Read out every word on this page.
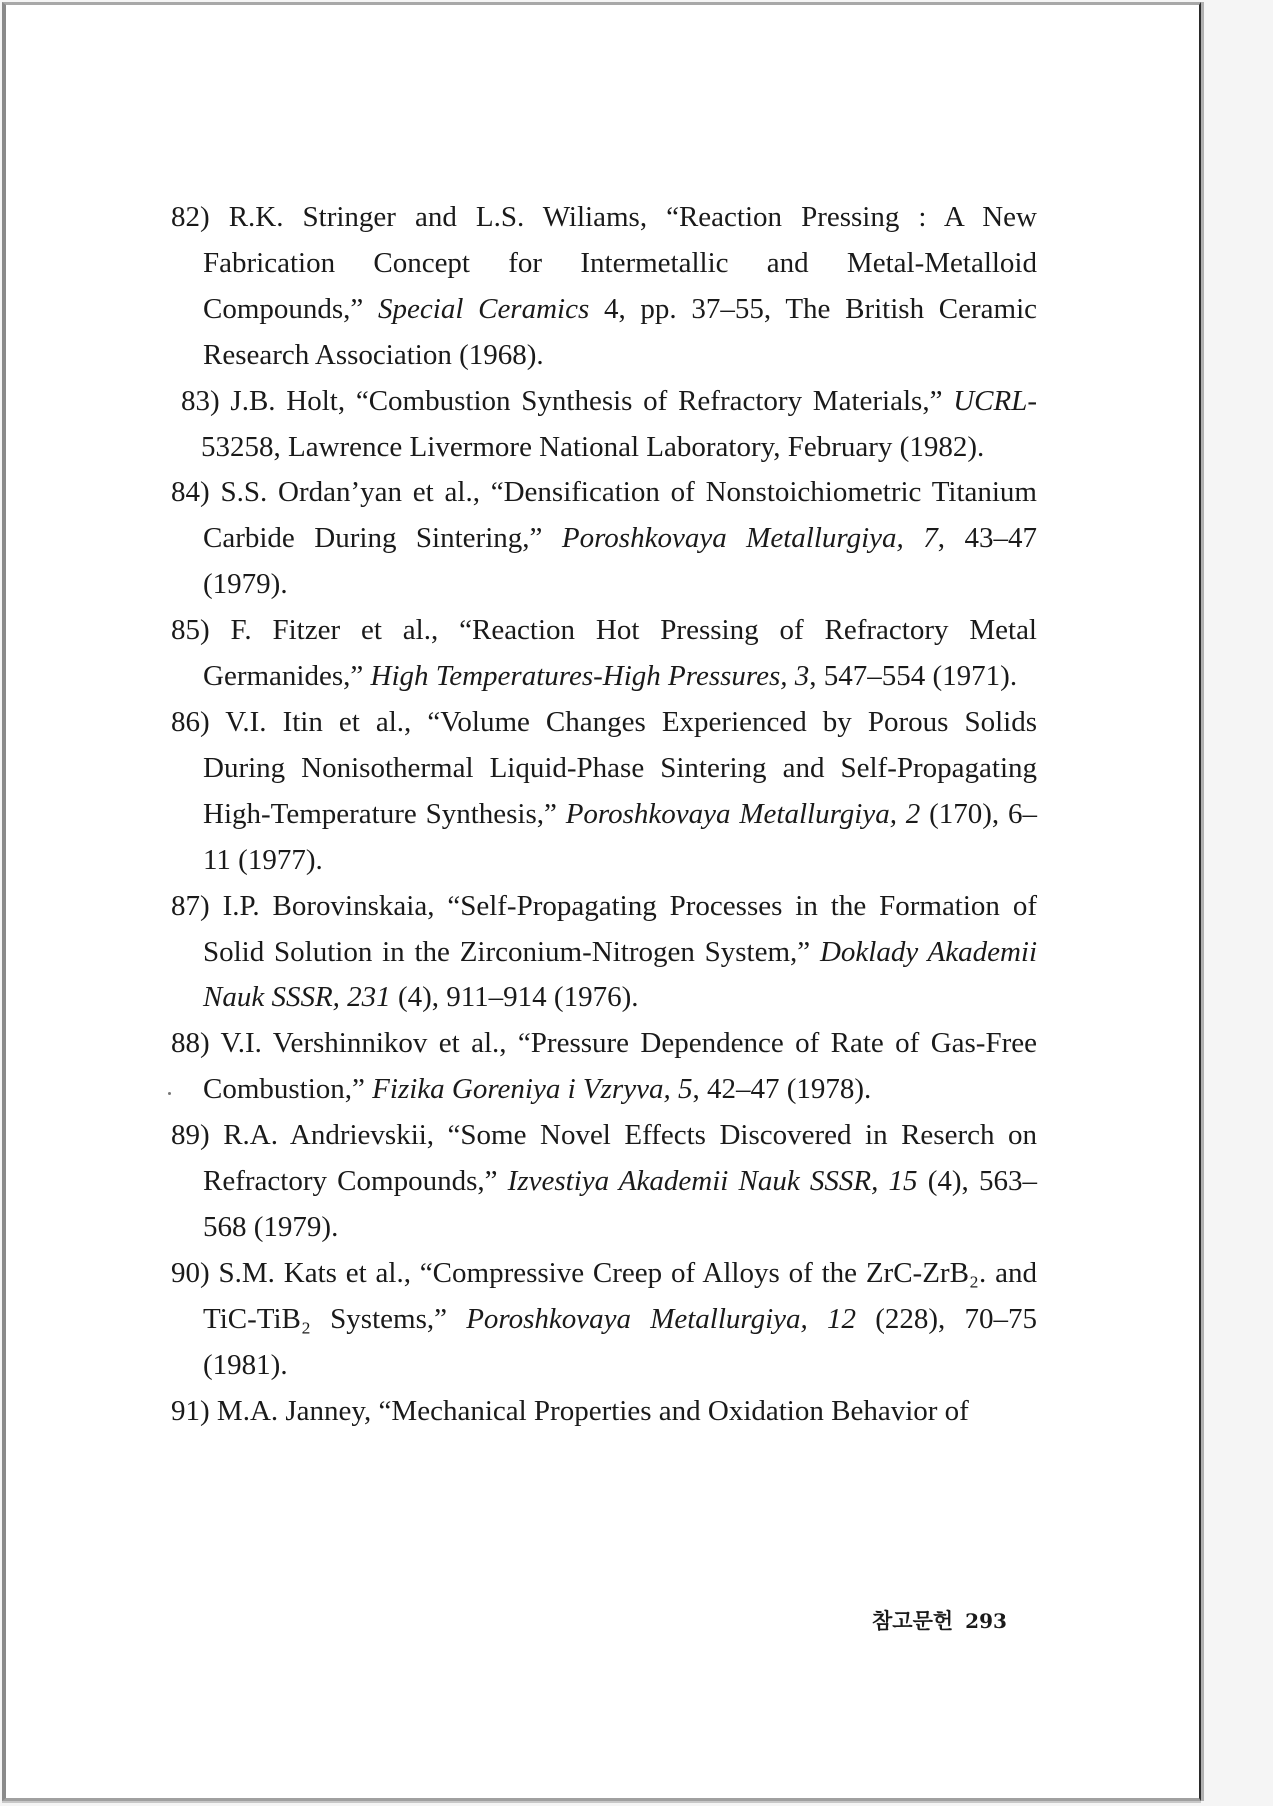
82) R.K. Stringer and L.S. Wiliams, “Reaction Pressing : A New Fabrication Concept for Intermetallic and Metal-Metalloid Compounds,” Special Ceramics 4, pp. 37–55, The British Ceramic Research Association (1968).

83) J.B. Holt, “Combustion Synthesis of Refractory Materials,” UCRL-53258, Lawrence Livermore National Laboratory, February (1982).

84) S.S. Ordan’yan et al., “Densification of Nonstoichiometric Titanium Carbide During Sintering,” Poroshkovaya Metallurgiya, 7, 43–47 (1979).

85) F. Fitzer et al., “Reaction Hot Pressing of Refractory Metal Germanides,” High Temperatures-High Pressures, 3, 547–554 (1971).

86) V.I. Itin et al., “Volume Changes Experienced by Porous Solids During Nonisothermal Liquid-Phase Sintering and Self-Propagating High-Temperature Synthesis,” Poroshkovaya Metallurgiya, 2 (170), 6–11 (1977).

87) I.P. Borovinskaia, “Self-Propagating Processes in the Formation of Solid Solution in the Zirconium-Nitrogen System,” Doklady Akademii Nauk SSSR, 231 (4), 911–914 (1976).

88) V.I. Vershinnikov et al., “Pressure Dependence of Rate of Gas-Free Combustion,” Fizika Goreniya i Vzryva, 5, 42–47 (1978).

89) R.A. Andrievskii, “Some Novel Effects Discovered in Reserch on Refractory Compounds,” Izvestiya Akademii Nauk SSSR, 15 (4), 563–568 (1979).

90) S.M. Kats et al., “Compressive Creep of Alloys of the ZrC-ZrB₂. and TiC-TiB₂ Systems,” Poroshkovaya Metallurgiya, 12 (228), 70–75 (1981).

91) M.A. Janney, “Mechanical Properties and Oxidation Behavior of

참고문헌 293
